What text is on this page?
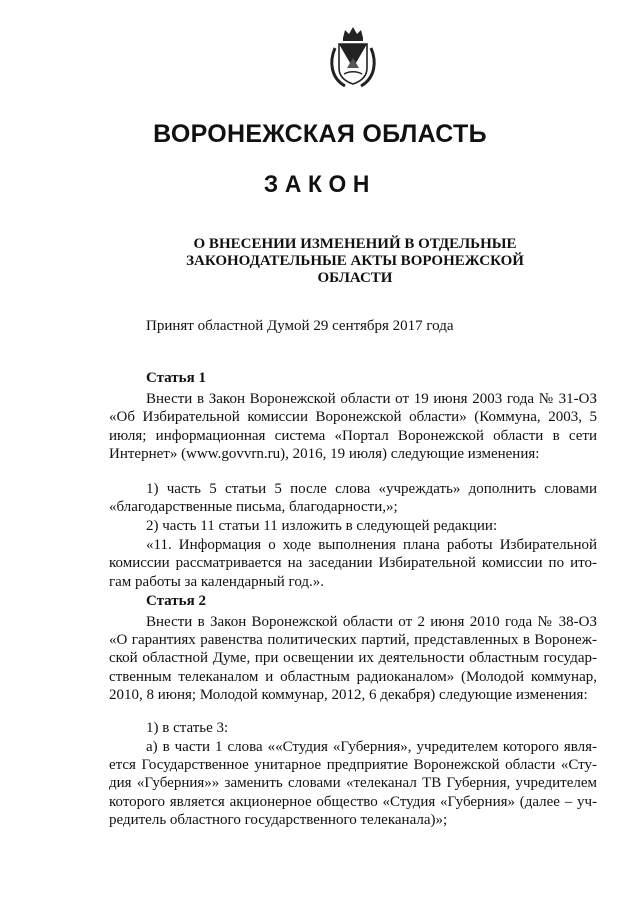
ВОРОНЕЖСКАЯ ОБЛАСТЬ
ЗАКОН
О ВНЕСЕНИИ ИЗМЕНЕНИЙ В ОТДЕЛЬНЫЕ
ЗАКОНОДАТЕЛЬНЫЕ АКТЫ ВОРОНЕЖСКОЙ
ОБЛАСТИ
Принят областной Думой 29 сентября 2017 года
Статья 1
Внести в Закон Воронежской области от 19 июня 2003 года № 31-ОЗ «Об Избирательной комиссии Воронежской области» (Коммуна, 2003, 5 июля; информационная система «Портал Воронежской области в сети Интернет» (www.govvrn.ru), 2016, 19 июля) следующие изменения:
1) часть 5 статьи 5 после слова «учреждать» дополнить словами «благодарственные письма, благодарности,»;
2) часть 11 статьи 11 изложить в следующей редакции:
«11. Информация о ходе выполнения плана работы Избирательной комиссии рассматривается на заседании Избирательной комиссии по итогам работы за календарный год.».
Статья 2
Внести в Закон Воронежской области от 2 июня 2010 года № 38-ОЗ «О гарантиях равенства политических партий, представленных в Воронежской областной Думе, при освещении их деятельности областным государственным телеканалом и областным радиоканалом» (Молодой коммунар, 2010, 8 июня; Молодой коммунар, 2012, 6 декабря) следующие изменения:
1) в статье 3:
а) в части 1 слова ««Студия «Губерния», учредителем которого является Государственное унитарное предприятие Воронежской области «Студия «Губерния»» заменить словами «телеканал ТВ Губерния, учредителем которого является акционерное общество «Студия «Губерния» (далее – учредитель областного государственного телеканала)»;
